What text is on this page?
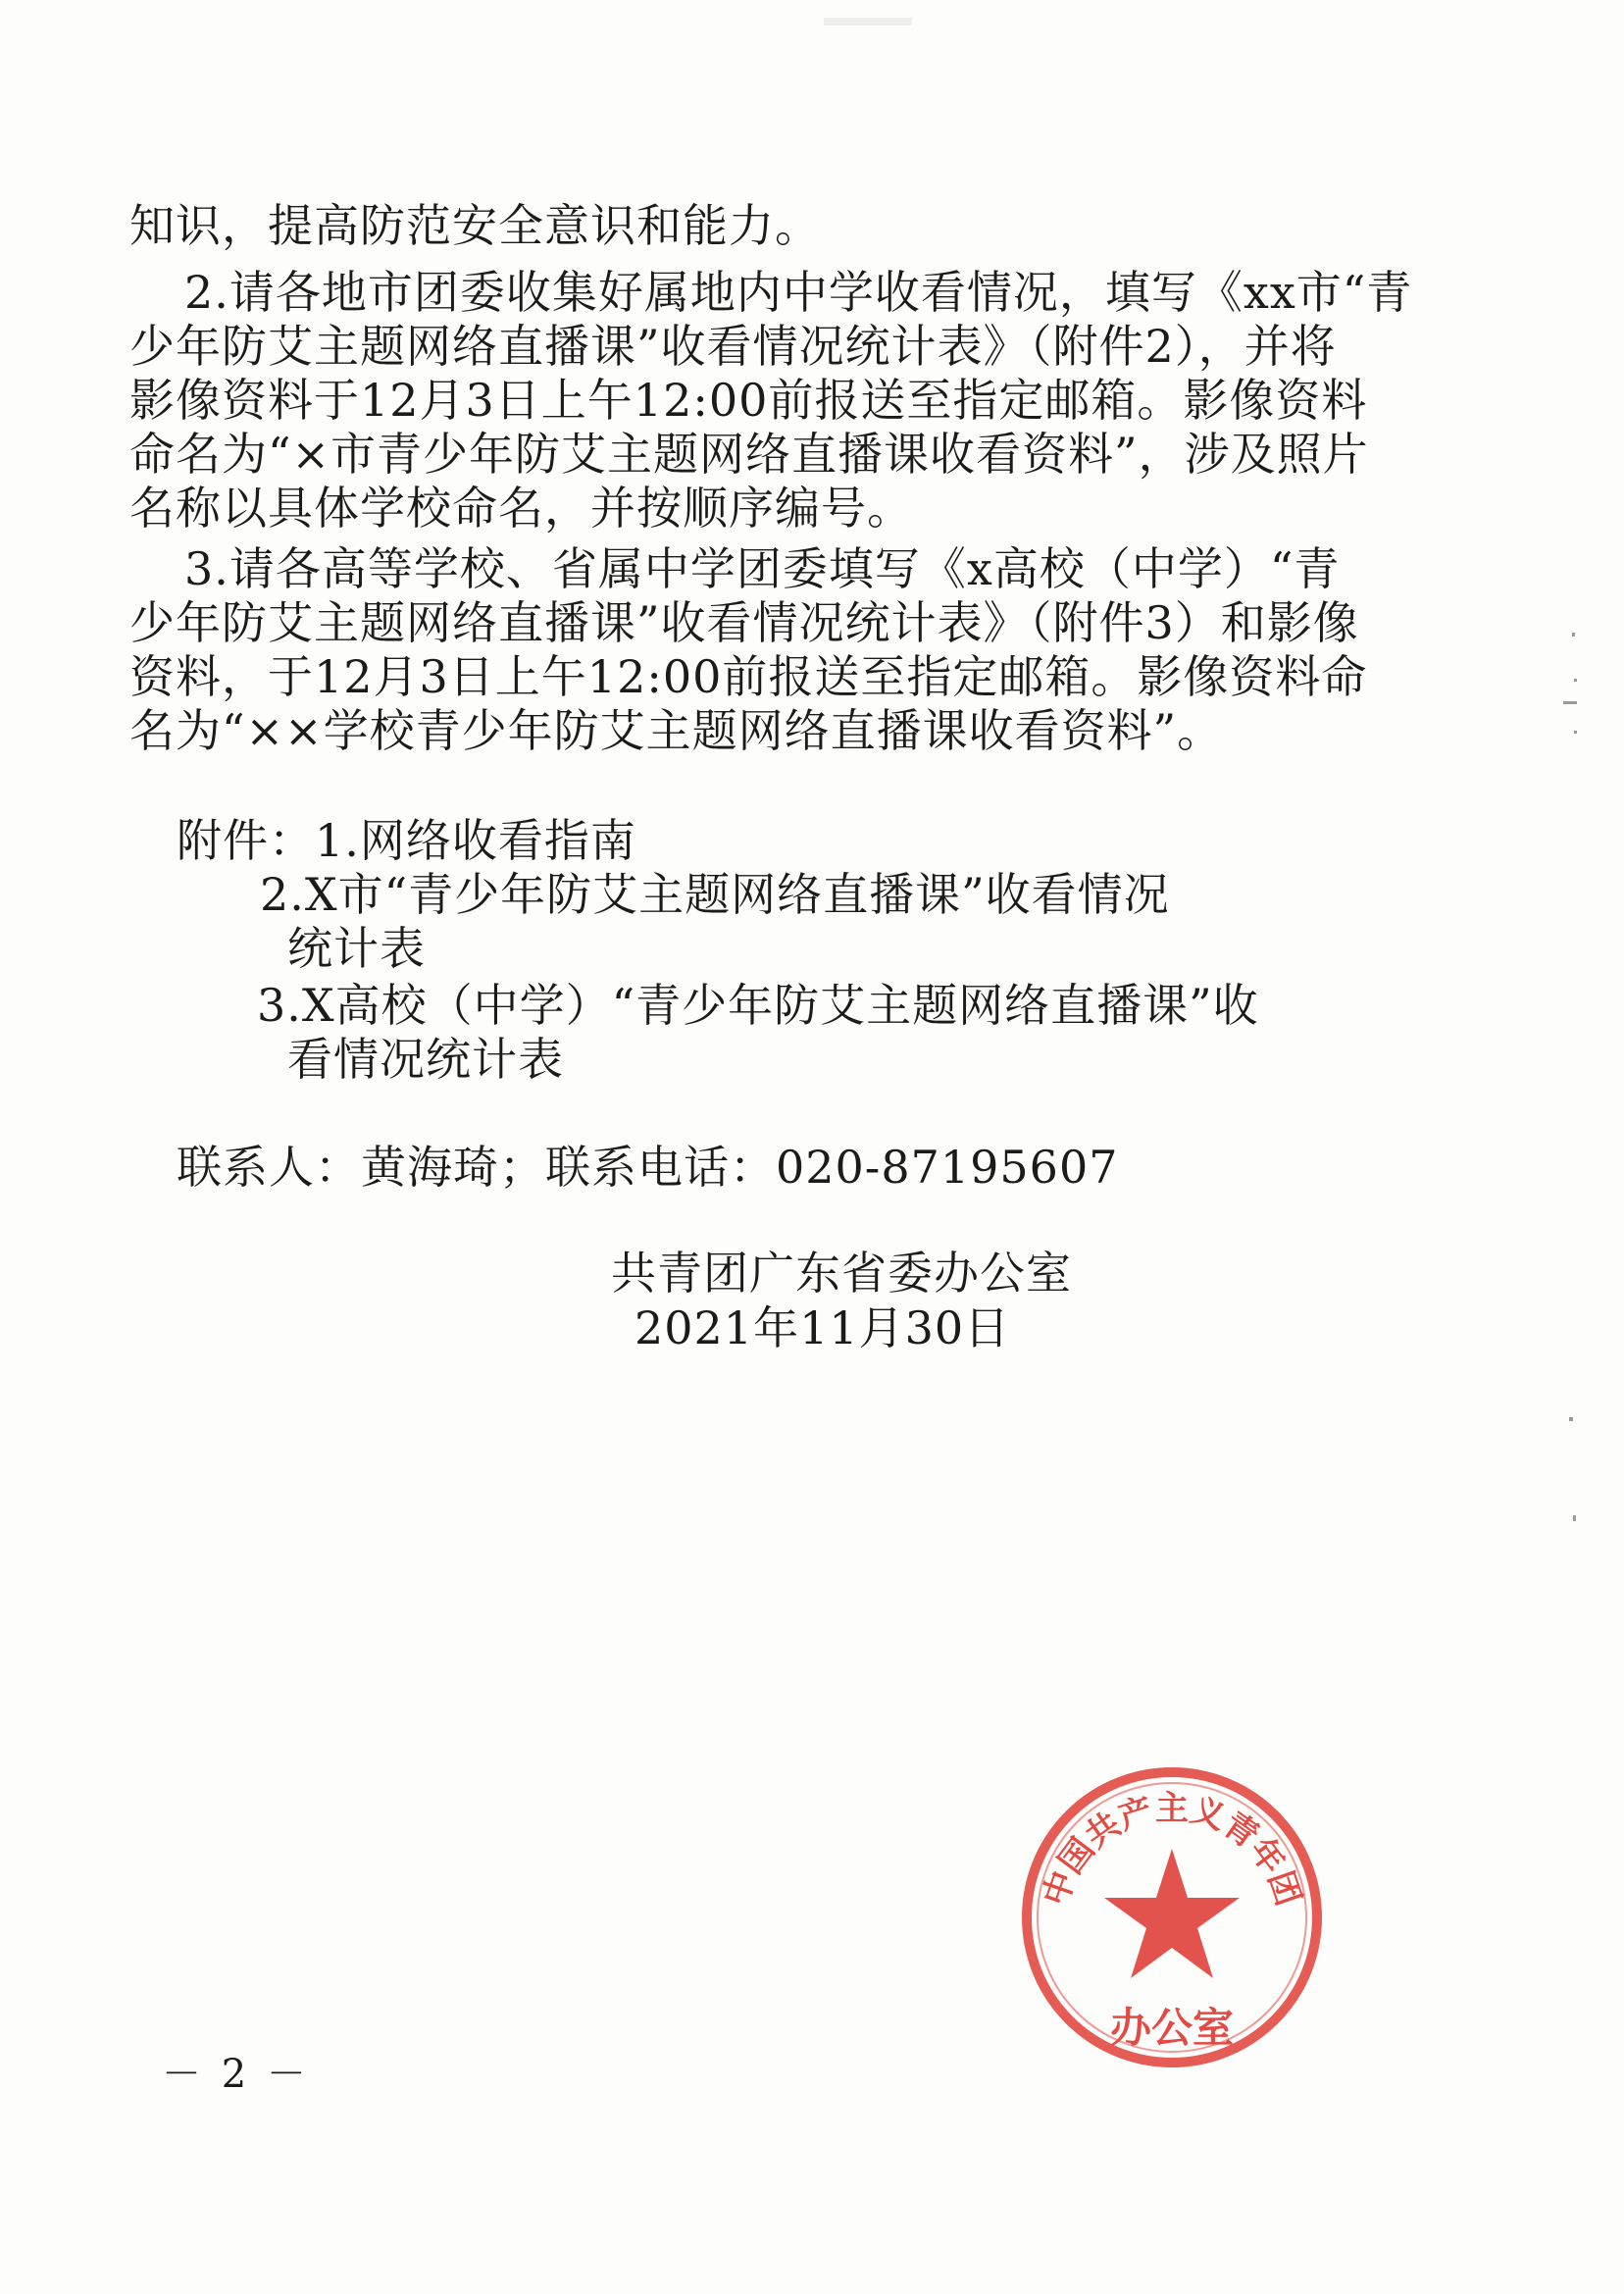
知识，提高防范安全意识和能力。
2.请各地市团委收集好属地内中学收看情况，填写《xx市“青
少年防艾主题网络直播课”收看情况统计表》（附件2），并将
影像资料于12月3日上午12:00前报送至指定邮箱。影像资料
命名为“×市青少年防艾主题网络直播课收看资料”，涉及照片
名称以具体学校命名，并按顺序编号。
3.请各高等学校、省属中学团委填写《x高校（中学）“青
少年防艾主题网络直播课”收看情况统计表》（附件3）和影像
资料，于12月3日上午12:00前报送至指定邮箱。影像资料命
名为“××学校青少年防艾主题网络直播课收看资料”。
附件：1.网络收看指南
2.X市“青少年防艾主题网络直播课”收看情况
统计表
3.X高校（中学）“青少年防艾主题网络直播课”收
看情况统计表
联系人：黄海琦；联系电话：020-87195607
中国共产主义青年团
办公室
共青团广东省委办公室
2021年11月30日
－ 2 －
